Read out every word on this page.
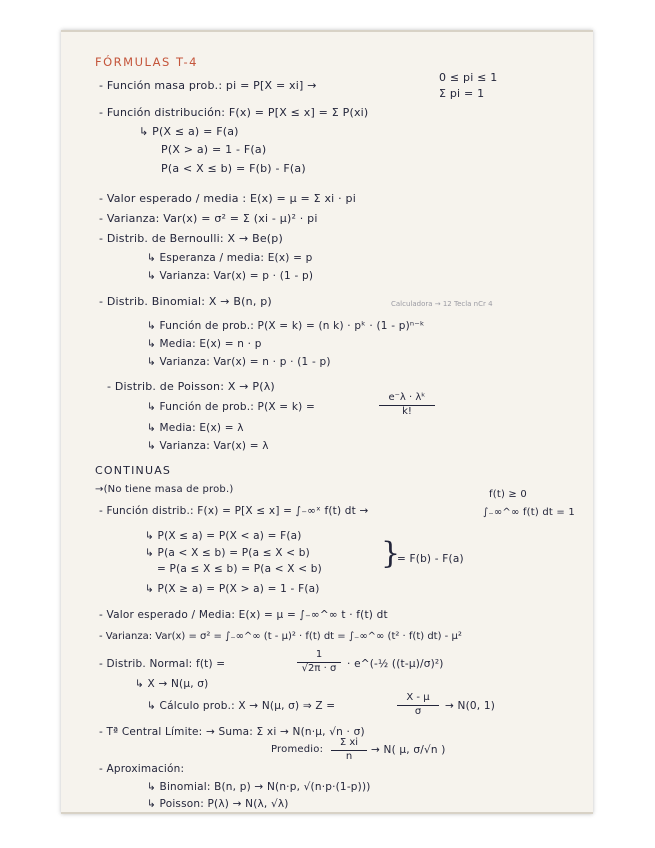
FÓRMULAS T-4
- Función masa prob.: pi = P[X = xi] →
0 ≤ pi ≤ 1
Σ pi = 1
- Función distribución: F(x) = P[X ≤ x] = Σ P(xi)
↳ P(X ≤ a) = F(a)
P(X > a) = 1 - F(a)
P(a < X ≤ b) = F(b) - F(a)
- Valor esperado / media : E(x) = μ = Σ xi · pi
- Varianza: Var(x) = σ² = Σ (xi - μ)² · pi
- Distrib. de Bernoulli: X → Be(p)
↳ Esperanza / media: E(x) = p
↳ Varianza: Var(x) = p · (1 - p)
- Distrib. Binomial: X → B(n, p)	Calculadora → 12 Tecla nCr 4
↳ Función de prob.: P(X = k) = (n k) · pᵏ · (1 - p)ⁿ⁻ᵏ
↳ Media: E(x) = n · p
↳ Varianza: Var(x) = n · p · (1 - p)
- Distrib. de Poisson: X → P(λ)
↳ Función de prob.: P(X = k) =	$\frac{\text{e⁻λ · λᵏ}}{k!}$
↳ Media: E(x) = λ
↳ Varianza: Var(x) = λ
CONTINUAS
→(No tiene masa de prob.)
- Función distrib.: F(x) = P[X ≤ x] = ∫₋∞ˣ f(t) dt →
f(t) ≥ 0
∫₋∞^∞ f(t) dt = 1
↳ P(X ≤ a) = P(X < a) = F(a)
↳ P(a < X ≤ b) = P(a ≤ X < b)
= P(a ≤ X ≤ b) = P(a < X < b) }
= F(b) - F(a)
↳ P(X ≥ a) = P(X > a) = 1 - F(a)
- Valor esperado / Media: E(x) = μ = ∫₋∞^∞ t · f(t) dt
- Varianza: Var(x) = σ² = ∫₋∞^∞ (t - μ)² · f(t) dt = ∫₋∞^∞ (t² · f(t) dt) - μ²
- Distrib. Normal: f(t) =	$\frac{1}{√2\pi \cdot \sigma}$ · e^(-½ ((t-μ)/σ)²)
↳ X → N(μ, σ)
↳ Cálculo prob.: X → N(μ, σ) ⇒ Z =	$\frac{X - \mu}{\sigma} \to N(0$, 1)
- Tª Central Límite: → Suma: Σ xi → N(n·μ, √n · σ)
Promedio: $\frac{\text{Σ xi}}{n} \to N$( μ, σ/√n )
- Aproximación:
↳ Binomial: B(n, p) → N(n·p, √(n·p·(1-p)))
↳ Poisson: P(λ) → N(λ, √λ)
